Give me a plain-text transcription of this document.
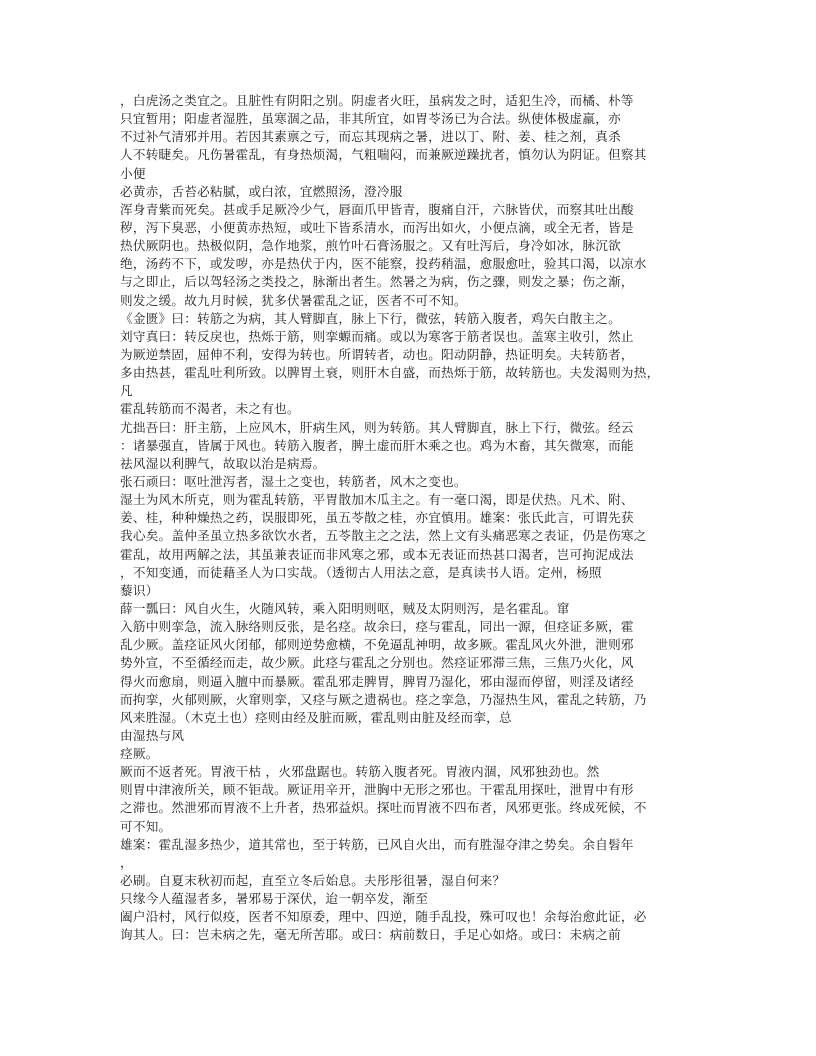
，白虎汤之类宜之。且脏性有阴阳之别。阴虚者火旺，虽病发之时，适犯生冷，而橘、朴等
只宜暂用；阳虚者湿胜，虽寒涸之品，非其所宜，如胃苓汤已为合法。纵使体极虚羸，亦
不过补气清邪并用。若因其素禀之亏，而忘其现病之暑，进以丁、附、姜、桂之剂，真杀
人不转睫矣。凡伤暑霍乱，有身热烦渴，气粗喘闷，而兼厥逆躁扰者，慎勿认为阴证。但察其
小便
必黄赤，舌苔必粘腻，或白浓，宜燃照汤，澄冷服
浑身青紫而死矣。甚或手足厥冷少气，唇面爪甲皆青，腹痛自汗，六脉皆伏，而察其吐出酸
秽，泻下臭恶，小便黄赤热短，或吐下皆系清水，而泻出如火，小便点滴，或全无者，皆是
热伏厥阴也。热极似阴，急作地浆，煎竹叶石膏汤服之。又有吐泻后，身冷如冰，脉沉欲
绝，汤药不下，或发哕，亦是热伏于内，医不能察，投药稍温，愈服愈吐，验其口渴，以凉水
与之即止，后以驾轻汤之类投之，脉渐出者生。然暑之为病，伤之骤，则发之暴；伤之渐，
则发之缓。故九月时候，犹多伏暑霍乱之证，医者不可不知。
《金匮》曰：转筋之为病，其人臂脚直，脉上下行，微弦，转筋入腹者，鸡矢白散主之。
刘守真曰：转反戾也，热烁于筋，则挛螈而痛。或以为寒客于筋者误也。盖寒主收引，然止
为厥逆禁固，屈伸不利，安得为转也。所谓转者，动也。阳动阴静，热证明矣。夫转筋者，
多由热甚，霍乱吐利所致。以脾胃土衰，则肝木自盛，而热烁于筋，故转筋也。夫发渴则为热，
凡
霍乱转筋而不渴者，未之有也。
尤拙吾曰：肝主筋，上应风木，肝病生风，则为转筋。其人臂脚直，脉上下行，微弦。经云
：诸暴强直，皆属于风也。转筋入腹者，脾土虚而肝木乘之也。鸡为木畜，其矢微寒，而能
祛风湿以利脾气，故取以治是病焉。
张石顽曰：呕吐泄泻者，湿土之变也，转筋者，风木之变也。
湿土为风木所克，则为霍乱转筋，平胃散加木瓜主之。有一毫口渴，即是伏热。凡术、附、
姜、桂，种种燥热之药，误服即死，虽五苓散之桂，亦宜慎用。雄案：张氏此言，可谓先获
我心矣。盖仲圣虽立热多欲饮水者，五苓散主之之法，然上文有头痛恶寒之表证，仍是伤寒之
霍乱，故用两解之法，其虽兼表证而非风寒之邪，或本无表证而热甚口渴者，岂可拘泥成法
，不知变通，而徒藉圣人为口实哉。（透彻古人用法之意，是真读书人语。定州，杨照
藜识）
薛一瓢曰：风自火生，火随风转，乘入阳明则呕，贼及太阴则泻，是名霍乱。窜
入筋中则挛急，流入脉络则反张，是名痉。故余曰，痉与霍乱，同出一源，但痉证多厥，霍
乱少厥。盖痉证风火闭郁，郁则逆势愈横，不免逼乱神明，故多厥。霍乱风火外泄，泄则邪
势外宣，不至循经而走，故少厥。此痉与霍乱之分别也。然痉证邪滞三焦，三焦乃火化，风
得火而愈扇，则逼入膻中而暴厥。霍乱邪走脾胃，脾胃乃湿化，邪由湿而停留，则淫及诸经
而拘挛，火郁则厥，火窜则挛，又痉与厥之遗祸也。痉之挛急，乃湿热生风，霍乱之转筋，乃
风来胜湿。（木克土也）痉则由经及脏而厥，霍乱则由脏及经而挛，总
由湿热与风
痉厥。
厥而不返者死。胃液干枯 ，火邪盘踞也。转筋入腹者死。胃液内涸，风邪独劲也。然
则胃中津液所关，顾不钜哉。厥证用辛开，泄胸中无形之邪也。干霍乱用探吐，泄胃中有形
之滞也。然泄邪而胃液不上升者，热邪益炽。探吐而胃液不四布者，风邪更张。终成死候，不
可不知。
雄案：霍乱湿多热少，道其常也，至于转筋，已风自火出，而有胜湿夺津之势矣。余自髫年
，
必刷。自夏末秋初而起，直至立冬后始息。夫彤彤徂暑，湿自何来？
只缘今人蕴湿者多，暑邪易于深伏，迨一朝卒发，渐至
阖户沿村，风行似疫，医者不知原委，理中、四逆，随手乱投，殊可叹也！余每治愈此证，必
询其人。曰：岂未病之先，毫无所苦耶。或曰：病前数日，手足心如烙。或曰：未病之前
